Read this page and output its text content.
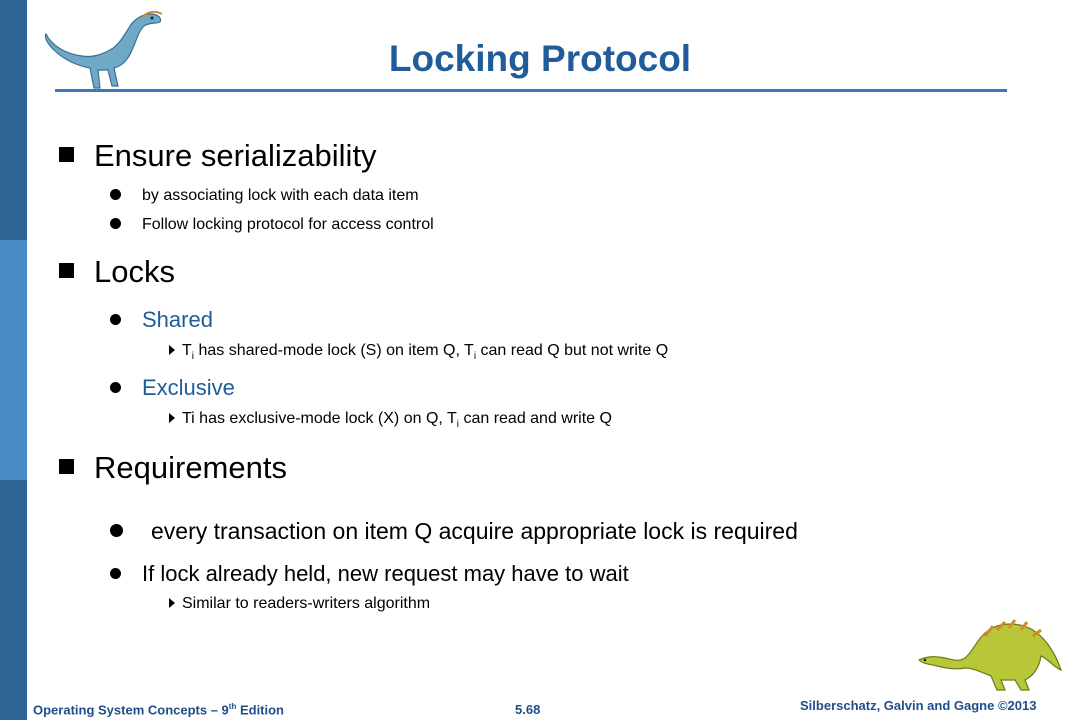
Locking Protocol
Ensure serializability
by associating lock with each data item
Follow locking protocol for access control
Locks
Shared
$T_i$ has shared-mode lock (S) on item Q, $T_i$ can read Q but not write Q
Exclusive
Ti has exclusive-mode lock (X) on Q, $T_i$ can read and write Q
Requirements
every transaction on item Q acquire appropriate lock is required
If lock already held, new request may have to wait
Similar to readers-writers algorithm
Operating System Concepts – 9th Edition	5.68	Silberschatz, Galvin and Gagne ©2013
